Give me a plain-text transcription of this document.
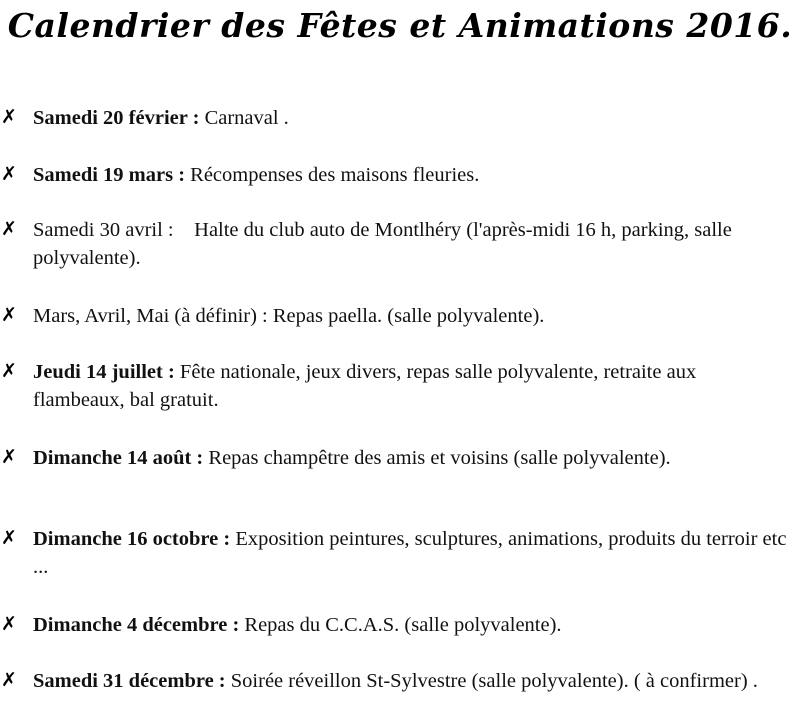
Calendrier des Fêtes et Animations 2016.
✗ Samedi 20 février : Carnaval .
✗ Samedi 19 mars : Récompenses des maisons fleuries.
✗ Samedi 30 avril :    Halte du club auto de Montlhéry (l'après-midi 16 h, parking, salle polyvalente).
✗ Mars, Avril, Mai (à définir) : Repas paella. (salle polyvalente).
✗ Jeudi 14 juillet : Fête nationale, jeux divers, repas salle polyvalente, retraite aux flambeaux, bal gratuit.
✗ Dimanche 14 août : Repas champêtre des amis et voisins (salle polyvalente).
✗ Dimanche 16 octobre : Exposition peintures, sculptures, animations, produits du terroir etc ...
✗ Dimanche 4 décembre : Repas du C.C.A.S. (salle polyvalente).
✗ Samedi 31 décembre : Soirée réveillon St-Sylvestre (salle polyvalente). ( à confirmer) .
